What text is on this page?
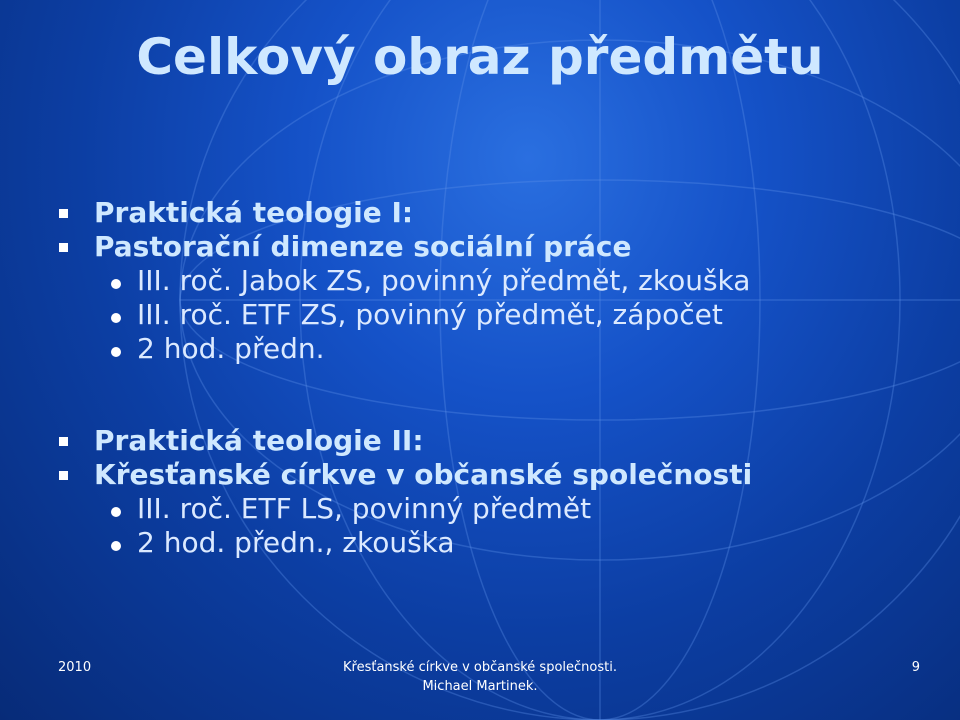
Celkový obraz předmětu
Praktická teologie I:
Pastorační dimenze sociální práce
III. roč. Jabok ZS, povinný předmět, zkouška
III. roč. ETF ZS, povinný předmět, zápočet
2 hod. předn.
Praktická teologie II:
Křesťanské církve v občanské společnosti
III. roč. ETF LS, povinný předmět
2 hod. předn., zkouška
2010	Křesťanské církve v občanské společnosti.
Michael Martinek.
9
